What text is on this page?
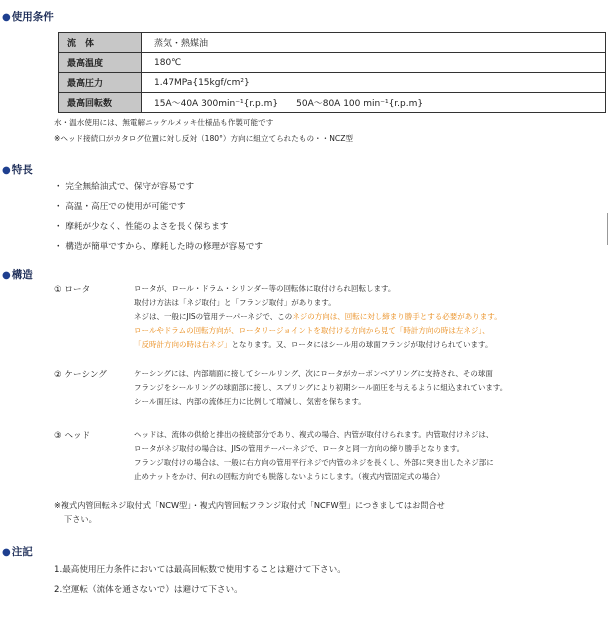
●使用条件
流　体	蒸気・熱媒油
最高温度	180℃
最高圧力	1.47MPa{15kgf/cm²}
最高回転数	15A〜40A 300min⁻¹{r.p.m}　　50A〜80A 100 min⁻¹{r.p.m}
水・温水使用には、無電解ニッケルメッキ仕様品も作製可能です
※ヘッド接続口がカタログ位置に対し反対（180°）方向に組立てられたもの・・NCZ型
●特長
・ 完全無給油式で、保守が容易です
・ 高温・高圧での使用が可能です
・ 摩耗が少なく、性能のよさを長く保ちます
・ 構造が簡単ですから、摩耗した時の修理が容易です
●構造
① ロータ	ロータが、ロール・ドラム・シリンダー等の回転体に取付けられ回転します。
取付け方法は「ネジ取付」と「フランジ取付」があります。
ネジは、一般にJISの管用テーパーネジで、このネジの方向は、回転に対し締まり勝手とする必要があります。
ロールやドラムの回転方向が、ロータリージョイントを取付ける方向から見て「時計方向の時は左ネジ」、
「反時計方向の時は右ネジ」となります。又、ロータにはシール用の球面フランジが取付けられています。
② ケーシング	ケーシングには、内部端面に接してシールリング、次にロータがカーボンベアリングに支持され、その球面
フランジをシールリングの球面部に接し、スプリングにより初期シール面圧を与えるように組込まれています。
シール面圧は、内部の流体圧力に比例して増減し、気密を保ちます。
③ ヘッド	ヘッドは、流体の供給と排出の接続部分であり、複式の場合、内管が取付けられます。内管取付けネジは、
ロータがネジ取付の場合は、JISの管用テーパーネジで、ロータと同一方向の締り勝手となります。
フランジ取付けの場合は、一般に右方向の管用平行ネジで内管のネジを長くし、外部に突き出したネジ部に
止めナットをかけ、何れの回転方向でも脱落しないようにします。（複式内管固定式の場合）
※複式内管回転ネジ取付式「NCW型」・複式内管回転フランジ取付式「NCFW型」につきましてはお問合せ
下さい。
●注記
1.最高使用圧力条件においては最高回転数で使用することは避けて下さい。
2.空運転（流体を通さないで）は避けて下さい。
